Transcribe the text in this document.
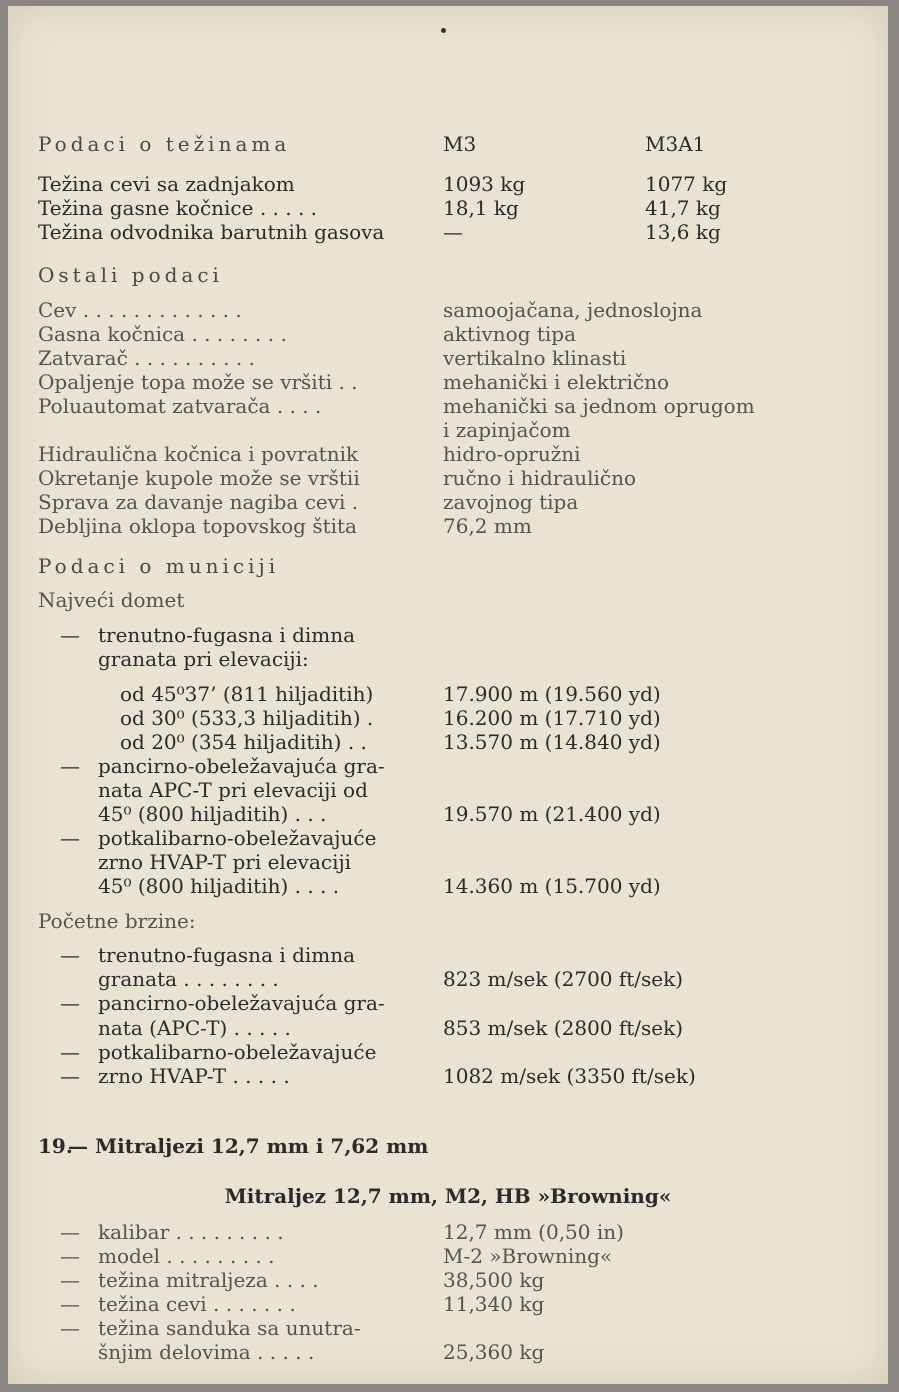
Podaci o težinama	M3	M3A1
Težina cevi sa zadnjakom	1093 kg	1077 kg
Težina gasne kočnice . . . . .	18,1 kg	41,7 kg
Težina odvodnika barutnih gasova	—	13,6 kg
Ostali podaci
Cev . . . . . . . . . . . . .	samoojačana, jednoslojna
Gasna kočnica . . . . . . . .	aktivnog tipa
Zatvarač . . . . . . . . . .	vertikalno klinasti
Opaljenje topa može se vršiti . .	mehanički i električno
Poluautomat zatvarača . . . .	mehanički sa jednom oprugom
i zapinjačom
Hidraulična kočnica i povratnik	hidro-opružni
Okretanje kupole može se vrštii	ručno i hidraulično
Sprava za davanje nagiba cevi .	zavojnog tipa
Debljina oklopa topovskog štita	76,2 mm
Podaci o municiji
Najveći domet
— trenutno-fugasna i dimna
granata pri elevaciji:
od 45⁰37’ (811 hiljaditih)	17.900 m (19.560 yd)
od 30⁰ (533,3 hiljaditih) .	16.200 m (17.710 yd)
od 20⁰ (354 hiljaditih) . .	13.570 m (14.840 yd)
— pancirno-obeležavajuća gra-
nata APC-T pri elevaciji od
45⁰ (800 hiljaditih) . . .	19.570 m (21.400 yd)
— potkalibarno-obeležavajuće
zrno HVAP-T pri elevaciji
45⁰ (800 hiljaditih) . . . .	14.360 m (15.700 yd)
Početne brzine:
— trenutno-fugasna i dimna
granata . . . . . . . .	823 m/sek (2700 ft/sek)
— pancirno-obeležavajuća gra-
nata (APC-T) . . . . .	853 m/sek (2800 ft/sek)
— potkalibarno-obeležavajuće
— zrno HVAP-T . . . . .	1082 m/sek (3350 ft/sek)
19.
— Mitraljezi 12,7 mm i 7,62 mm
Mitraljez 12,7 mm, M2, HB »Browning«
— kalibar . . . . . . . . .	12,7 mm (0,50 in)
— model . . . . . . . . .	M-2 »Browning«
— težina mitraljeza . . . .	38,500 kg
— težina cevi . . . . . . .	11,340 kg
— težina sanduka sa unutra-
šnjim delovima . . . . .	25,360 kg
